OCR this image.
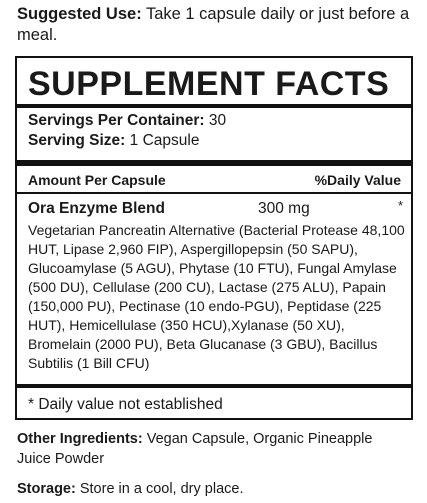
Suggested Use: Take 1 capsule daily or just before a meal.
SUPPLEMENT FACTS
Servings Per Container: 30
Serving Size: 1 Capsule
Amount Per Capsule	%Daily Value
Ora Enzyme Blend	300 mg	*
Vegetarian Pancreatin Alternative (Bacterial Protease 48,100 HUT, Lipase 2,960 FIP), Aspergillopepsin (50 SAPU), Glucoamylase (5 AGU), Phytase (10 FTU), Fungal Amylase (500 DU), Cellulase (200 CU), Lactase (275 ALU), Papain (150,000 PU), Pectinase (10 endo-PGU), Peptidase (225 HUT), Hemicellulase (350 HCU),Xylanase (50 XU), Bromelain (2000 PU), Beta Glucanase (3 GBU), Bacillus Subtilis (1 Bill CFU)
* Daily value not established
Other Ingredients: Vegan Capsule, Organic Pineapple Juice Powder
Storage: Store in a cool, dry place.
